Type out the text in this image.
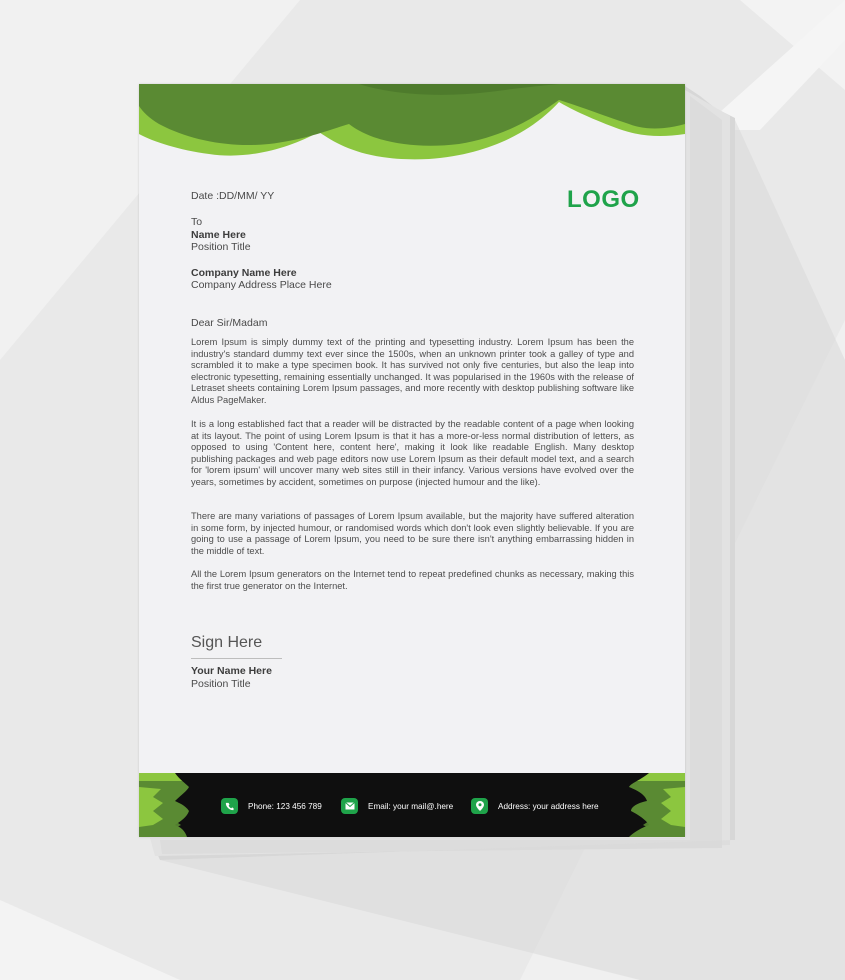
Date :DD/MM/ YY	LOGO
To
Name Here
Position Title
Company Name Here
Company Address Place Here
Dear Sir/Madam
Lorem Ipsum is simply dummy text of the printing and typesetting industry. Lorem Ipsum has been the industry's standard dummy text ever since the 1500s, when an unknown printer took a galley of type and scrambled it to make a type specimen book. It has survived not only five centuries, but also the leap into electronic typesetting, remaining essentially unchanged. It was popularised in the 1960s with the release of Letraset sheets containing Lorem Ipsum passages, and more recently with desktop publishing software like Aldus PageMaker.
It is a long established fact that a reader will be distracted by the readable content of a page when looking at its layout. The point of using Lorem Ipsum is that it has a more-or-less normal distribution of letters, as opposed to using 'Content here, content here', making it look like readable English. Many desktop publishing packages and web page editors now use Lorem Ipsum as their default model text, and a search for 'lorem ipsum' will uncover many web sites still in their infancy. Various versions have evolved over the years, sometimes by accident, sometimes on purpose (injected humour and the like).
There are many variations of passages of Lorem Ipsum available, but the majority have suffered alteration in some form, by injected humour, or randomised words which don't look even slightly believable. If you are going to use a passage of Lorem Ipsum, you need to be sure there isn't anything embarrassing hidden in the middle of text.
All the Lorem Ipsum generators on the Internet tend to repeat predefined chunks as necessary, making this the first true generator on the Internet.
Sign Here
Your Name Here
Position Title
Phone: 123 456 789	Email: your mail@.here	Address: your address here
